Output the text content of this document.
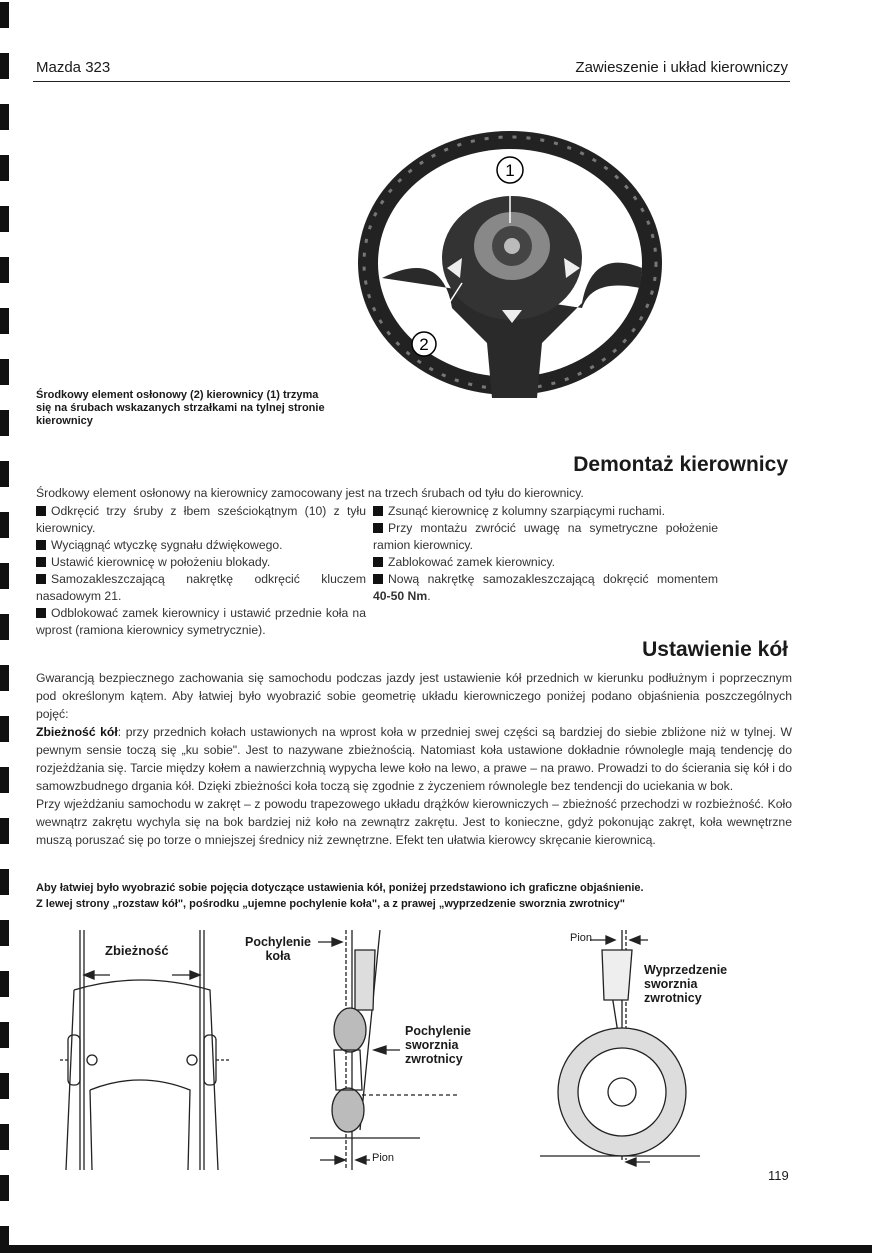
Mazda 323	Zawieszenie i układ kierowniczy
1
2
Środkowy element osłonowy (2) kierownicy (1) trzyma się na śrubach wskazanych strzałkami na tylnej stronie kierownicy
Demontaż kierownicy
Środkowy element osłonowy na kierownicy zamocowany jest na trzech śrubach od tyłu do kierownicy.
Odkręcić trzy śruby z łbem sześciokątnym (10) z tyłu kierownicy.
Wyciągnąć wtyczkę sygnału dźwiękowego.
Ustawić kierownicę w położeniu blokady.
Samozakleszczającą nakrętkę odkręcić kluczem nasadowym 21.
Odblokować zamek kierownicy i ustawić przednie koła na wprost (ramiona kierownicy symetrycznie).
Zsunąć kierownicę z kolumny szarpiącymi ruchami.
Przy montażu zwrócić uwagę na symetryczne położenie ramion kierownicy.
Zablokować zamek kierownicy.
Nową nakrętkę samozakleszczającą dokręcić momentem 40-50 Nm.
Ustawienie kół
Gwarancją bezpiecznego zachowania się samochodu podczas jazdy jest ustawienie kół przednich w kierunku podłużnym i poprzecznym pod określonym kątem. Aby łatwiej było wyobrazić sobie geometrię układu kierowniczego poniżej podano objaśnienia poszczególnych pojęć:
Zbieżność kół: przy przednich kołach ustawionych na wprost koła w przedniej swej części są bardziej do siebie zbliżone niż w tylnej. W pewnym sensie toczą się „ku sobie". Jest to nazywane zbieżnością. Natomiast koła ustawione dokładnie równolegle mają tendencję do rozjeżdżania się. Tarcie między kołem a nawierzchnią wypycha lewe koło na lewo, a prawe – na prawo. Prowadzi to do ścierania się kół i do samowzbudnego drgania kół. Dzięki zbieżności koła toczą się zgodnie z życzeniem równolegle bez tendencji do uciekania w bok.
Przy wjeżdżaniu samochodu w zakręt – z powodu trapezowego układu drążków kierowniczych – zbieżność przechodzi w rozbieżność. Koło wewnątrz zakrętu wychyla się na bok bardziej niż koło na zewnątrz zakrętu. Jest to konieczne, gdyż pokonując zakręt, koła wewnętrzne muszą poruszać się po torze o mniejszej średnicy niż zewnętrzne. Efekt ten ułatwia kierowcy skręcanie kierownicą.
Aby łatwiej było wyobrazić sobie pojęcia dotyczące ustawienia kół, poniżej przedstawiono ich graficzne objaśnienie.
Z lewej strony „rozstaw kół", pośrodku „ujemne pochylenie koła", a z prawej „wyprzedzenie sworznia zwrotnicy"
Zbieżność
Pochylenie koła
Pochylenie sworznia zwrotnicy
Pion
Pion
Wyprzedzenie sworznia zwrotnicy
119
